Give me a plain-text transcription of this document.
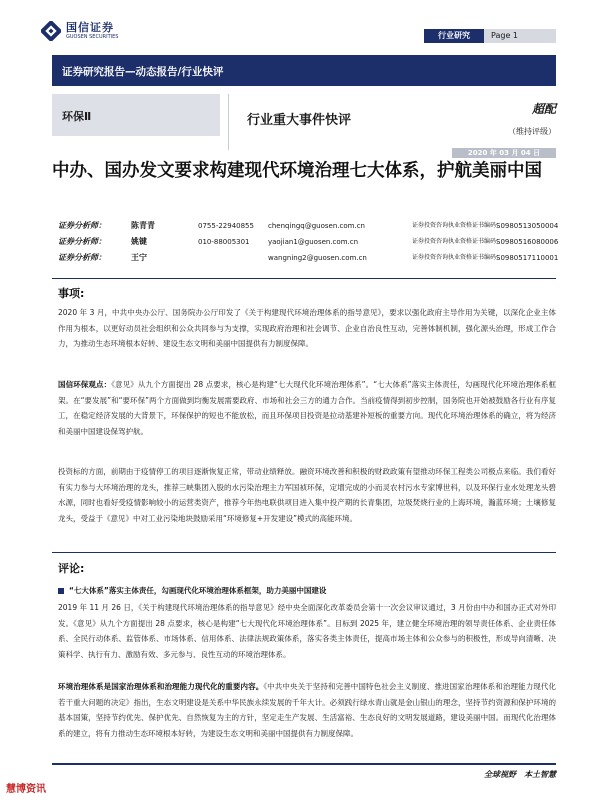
国信证券
GUOSEN SECURITIES	行业研究	Page 1
证券研究报告—动态报告/行业快评
环保Ⅱ	行业重大事件快评
超配
（维持评级）
2020 年 03 月 04 日
中办、国办发文要求构建现代环境治理七大体系，护航美丽中国
证券分析师：	陈青青	0755-22940855	chenqingq@guosen.com.cn	证券投资咨询执业资格证书编码：
S0980513050004
证券分析师：	姚键	010-88005301	yaojian1@guosen.com.cn	证券投资咨询执业资格证书编码：
S0980516080006
证券分析师：	王宁	wangning2@guosen.com.cn	证券投资咨询执业资格证书编码：
S0980517110001
事项:
2020 年 3 月，中共中央办公厅、国务院办公厅印发了《关于构建现代环境治理体系的指导意见》，要求以强化政府主导作用为关键，以深化企业主体作用为根本，以更好动员社会组织和公众共同参与为支撑，实现政府治理和社会调节、企业自治良性互动，完善体制机制，强化源头治理，形成工作合力，为推动生态环境根本好转、建设生态文明和美丽中国提供有力制度保障。
国信环保观点：《意见》从九个方面提出 28 点要求，核心是构建“七大现代化环境治理体系”。“七大体系”落实主体责任，勾画现代化环境治理体系框架。在“要发展”和“要环保”两个方面做到均衡发展需要政府、市场和社会三方的通力合作。当前疫情得到初步控制，国务院也开始被鼓励各行业有序复工，在稳定经济发展的大背景下，环保保护的短也不能放松，而且环保项目投资是拉动基建补短板的重要方向。现代化环境治理体系的确立，将为经济和美丽中国建设保驾护航。
投资标的方面，前期由于疫情停工的项目逐渐恢复正常，带动业绩释放。融资环境改善和积极的财政政策有望推动环保工程类公司极点来临。我们看好有实力参与大环境治理的龙头，推荐三峡集团入股的水污染治理主力军国祯环保，定增完成的小而灵农村污水专家博世科，以及环保行业水处理龙头碧水源，同时也看好受疫情影响较小的运营类资产，推荐今年热电联供项目进入集中投产期的长青集团，垃圾焚烧行业的上海环境，瀚蓝环境；土壤修复龙头，受益于《意见》中对工业污染地块鼓励采用“环境修复+开发建设”模式的高能环境。
评论:
“七大体系”落实主体责任，勾画现代化环境治理体系框架，助力美丽中国建设
2019 年 11 月 26 日，《关于构建现代环境治理体系的指导意见》经中央全面深化改革委员会第十一次会议审议通过，3 月份由中办和国办正式对外印发。《意见》从九个方面提出 28 点要求，核心是构建“七大现代化环境治理体系”。目标到 2025 年，建立健全环境治理的领导责任体系、企业责任体系、全民行动体系、监管体系、市场体系、信用体系、法律法规政策体系，落实各类主体责任，提高市场主体和公众参与的积极性，形成导向清晰、决策科学、执行有力、激励有效、多元参与、良性互动的环境治理体系。
环境治理体系是国家治理体系和治理能力现代化的重要内容。《中共中央关于坚持和完善中国特色社会主义制度、推进国家治理体系和治理能力现代化若干重大问题的决定》指出，生态文明建设是关系中华民族永续发展的千年大计。必须践行绿水青山就是金山银山的理念，坚持节约资源和保护环境的基本国策，坚持节约优先、保护优先、自然恢复为主的方针，坚定走生产发展、生活富裕、生态良好的文明发展道路，建设美丽中国。而现代化治理体系的建立，将有力推动生态环境根本好转，为建设生态文明和美丽中国提供有力制度保障。
全球视野　本土智慧
慧博资讯
